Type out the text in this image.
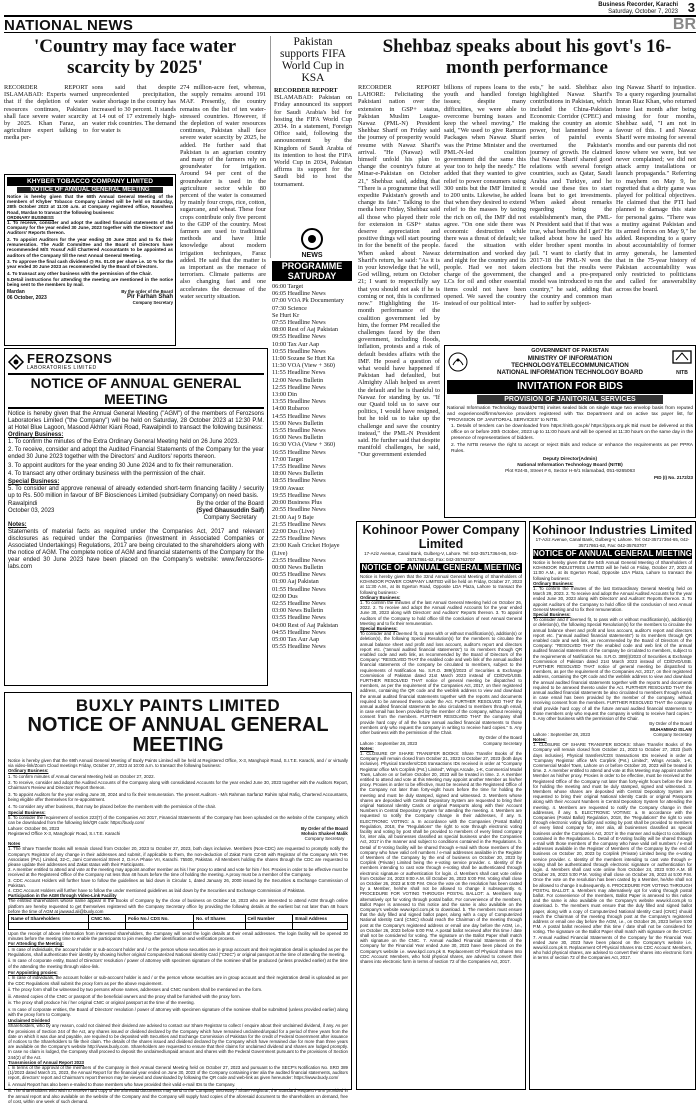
Business Recorder, Karachi
Saturday, October 7, 2023 3
NATIONAL NEWS	BR
'Country may face water scarcity by 2025'
RECORDER REPORT ISLAMABAD: Experts warned that if the depletion of water resources continues, Pakistan shall face severe water scarcity by 2025. Khan Faraz, an agriculture expert talking to media per-
sons said that despite unprecedented precipitation, water shortage in the country has increased to 30 percent. It stands at 14 out of 17 extremely high-water risk countries. The demand for water is
274 million-acre feet, whereas, the supply remains around 191 MAF. Presently, the country remains on the list of ten water-stressed countries. However, if the depletion of water resources continues, Pakistan shall face severe water scarcity by 2025, he added. He further said that Pakistan is an agrarian country and many of the farmers rely on groundwater for irrigation. Around 94 per cent of the groundwater is used in the agriculture sector while 80 percent of the water is consumed by mainly four crops, rice, cotton, sugarcane, and wheat. These four crops contribute only five percent to the GDP of the country. Most farmers are used to traditional methods and have little knowledge about modern irrigation techniques, Faraz added. He said that the matter is as important as the menace of terrorism. Climate patterns are also changing fast and one accelerates the decrease of the water security situation.
Pakistan supports FIFA World Cup in KSA
RECORDER REPORT
ISLAMABAD: Pakistan on Friday announced its support for Saudi Arabia's bid for hosting the FIFA World Cup 2034. In a statement, Foreign Office said, following the announcement by the Kingdom of Saudi Arabia of its intention to host the FIFA World Cup in 2034, Pakistan affirms its support for the Saudi bid to host the tournament.
NEWS
PROGRAMME SATURDAY
06:00 Target
06:05 Headline News
07:00 VOA Pk Documentary
07:30 Science
Se Hurt Kr
07:55 Headline News
08:00 Rest of Aaj Pakistan
09:55 Headline News
10:00 Tax Aur Aap
10:55 Headline News
11:00 Sozane Se Hurt Ka
11:30 VOA (View + 360)
11:55 Headline News
12:00 News Bulletin
12:55 Headline News
13:00 Din
13:55 Headline News
14:00 Rubaroo
14:55 Headline News
15:00 News Bulletin
15:55 Headline News
16:00 News Bulletin
16:30 VOA (View + 360)
16:55 Headline News
17:00 Target
17:55 Headline News
18:00 News Bulletin
18:55 Headline News
19:00 Awaaz
19:55 Headline News
20:00 Business Plus
20:55 Headline News
21:00 Aaj 9 Baje
21:55 Headline News
22:00 Dus (Live)
22:55 Headline News
23:00 Kash Cricket Hojaye (Live)
23:55 Headline News
00:00 News Bulletin
00:55 Headline News
01:00 Aaj Pakistan
01:55 Headline News
02:00 Dus
02:55 Headline News
03:00 News Bulletin
03:55 Headline News
04:00 Rest of Aaj Pakistan
04:55 Headline News
05:00 Tax Aur Aap
05:55 Headline News
Shehbaz speaks about his govt's 16-month performance
RECORDER REPORT LAHORE: Felicitating the Pakistani nation over the extension in GSP+ status, Pakistan Muslim League-Nawaz (PML-N) President Shehbaz Sharif on Friday said the journey of prosperity would resume with Nawaz Sharif's arrival. "He (Nawaz) will himself unfold his plan to change the country's future at Minar-e-Pakistan on October 21," Shehbaz said, adding that "There is a programme that will expedite Pakistan's growth and change its fate." Talking to the media here Friday, Shehbaz said all those who played their role for extension in GSP+ status deserve appreciation and positive things will start pouring in for the benefit of the people. When asked about Nawaz Sharif's return, he said: "As it is in your knowledge that he will, God willing, return on October 21; I want to respectfully say that you should not ask if he is coming or not, this is confirmed now." Highlighting the 16-month performance of the coalition government led by him, the former PM recalled the challenges faced by the then government, including floods, inflation, protests and a risk of default besides affairs with the IMF. He posed a question of what would have happened if Pakistan had defaulted, but Almighty Allah helped us avert the default and he is thankful to Nawaz for standing by us. "If our Quaid told us to save our politics, I would have resigned, but he told us to take up the challenge and save the country instead," the PML-N President said. He further said that despite manifold challenges, he said, "Our government extended
billions of rupees loans to the youth and handled foreign issues; despite many difficulties, we were able to overcome burning issues and keep the wheel moving." He said, "We used to give Ramzan Packages when Nawaz Sharif was the Prime Minister and the PML-N-led coalition government did the same this year too to help the needy." He added that they wanted to give relief to power consumers using 300 units but the IMF limited it to 200 units. Likewise, he added that when they desired to extend relief to the masses by taxing the rich on oil, the IMF did not agree. "On one side there was economic destruction while there was a threat of default; we faced the situation with determination and worked day and night for the country and its people. Had we not taken charge of the government, the LCs for oil and other essential items could not have been opened. We saved the country instead of our political inter-
ests," he said. Shehbaz also highlighted Nawaz Sharif's contributions in Pakistan, which included the China-Pakistan Economic Corridor (CPEC) and making the country an atomic power, but lamented how a series of painful events overturned the Pakistan's journey of growth. He claimed that Nawaz Sharif shared good relations with several foreign countries, such as Qatar, Saudi Arabia and Turkiye, and he would use these ties to start loans but to get investments. When asked about remarks regarding being the establishment's man, the PML-N President said that if that was true, what benefits did I get? He talked about how he used his elder brother spent months in jail. "I want to clarify that in 2017-18 the PML-N won the elections but the results were changed and a pre-prepared model was introduced to run the country," he said, adding that the country and common man had to suffer by subject-
ing Nawaz Sharif to injustice. To a query regarding journalist Imran Riaz Khan, who returned home last month after being missing for four months, Shehbaz said, "I am not in favour of this. I and Nawaz Sharif were missing for several months and our parents did not know where we were, but we never complained; we did not attack army installations or launch propaganda." Referring to mayhem on May 9, he regretted that a dirty game was played for political objectives. He claimed that the PTI had planned to damage this state for personal gains. "There was a mutiny against Pakistan and its armed forces on May 9," he added. Responding to a query about accountability of former army generals, he lamented that in the 75-year history of Pakistan accountability was only restricted to politicians and called for answerability across the board.
KHYBER TOBACCO COMPANY LIMITED
NOTICE OF ANNUAL GENERAL MEETING
Notice is hereby given that the 68th Annual General Meeting of the members of Khyber Tobacco Company Limited will be held on Saturday, 28th October 2023 at 11:00 a.m. at Company registered office, Nowshera Road, Mardan to transact the following business:
ORDINARY BUSINESS

1. To receive, consider and adopt the audited financial statements of the Company for the year ended 30 June, 2023 together with the Directors' and Auditors' Reports thereon.

2. To appoint Auditors for the year ending 30 June 2024 and to fix their remuneration. The Audit Committee and the Board of Directors have recommended M/S Yousuf Adil Chartered Accountants to be appointed as auditors of the Company till the next Annual General Meeting.

3. To approve the final cash dividend @ Rs. 01.00 per share i.e. 10 % for the year ended 30 June 2023 as recommended by the Board of Directors.

4. To transact any other business with the permission of the Chair.

5.Detail instructions for attending the meeting are mentioned in the notice being sent to the members by mail.

Mardan
06 October, 2023
By the order of the Board
Pir Farhan Shah
Company Secretary
FEROZSONS
LABORATORIES LIMITED
NOTICE OF ANNUAL GENERAL MEETING
Notice is hereby given that the Annual General Meeting ("AGM") of the members of Ferozsons Laboratories Limited ("the Company") will be held on Saturday, 28 October 2023 at 12:30 P.M. at Hotel Blue Lagoon, Masood Akhter Kiani Road, Rawalpindi to transact the following business:
Ordinary Business:

1. To confirm the minutes of the Extra Ordinary General Meeting held on 26 June 2023.

2. To receive, consider and adopt the Audited Financial Statements of the Company for the year ended 30 June 2023 together with the Directors' and Auditors' reports thereon.

3. To appoint auditors for the year ending 30 June 2024 and to fix their remuneration.

4. To transact any other ordinary business with the permission of the chair.

Special Business:

5. To consider and approve renewal of already extended short-term financing facility / security up to Rs. 500 million in favour of BF Biosciences Limited (subsidiary Company) on need basis.

Rawalpindi
October 03, 2023
By the order of the Board
(Syed Ghausuddin Saif)
Company Secretary
Notes:
Statements of material facts as required under the Companies Act, 2017 and relevant disclosures as required under the Companies (Investment in Associated Companies or Associated Undertakings) Regulations, 2017 are being circulated to the shareholders along with the notice of AGM. The complete notice of AGM and financial statements of the Company for the year ended 30 June 2023 have been placed on the Company's website: www.ferozsons-labs.com
BUXLY PAINTS LIMITED
NOTICE OF ANNUAL GENERAL MEETING
Notice is hereby given that the 69th Annual General Meeting of Buxly Paints Limited will be held at Registered Office, X-3, Manghopir Road, S.I.T.E. Karachi, and / or virtually via video-link/Zoom Cloud meetings Friday, October 27, 2023 at 10:00 a.m. to transact the following business:
Ordinary Business:

1. To confirm minutes of Annual General Meeting held on October 27, 2022.

2. To receive, consider and adopt the Audited Accounts of the Company along with consolidated Accounts for the year ended June 30, 2023 together with the Auditors Report, Chairman's Review and Directors' Report thereon.

3. To appoint Auditors for the year ending June 30, 2024 and to fix their remuneration. The present Auditors - M/s Rahman Sarfaraz Rahim Iqbal Rafiq, Chartered Accountants, being eligible offer themselves for re-appointment.

4. To consider any other business, that may be placed before the members with the permission of the chair.

Special Business:
5. To consider the requirement of section 223(7) of the Companies Act 2017, Financial Statements of the Company has been uploaded on the website of the Company, which can be downloaded from the following link/QR code: https://buxly.com/
Lahore: October 06, 2023
Registered Office X-3, Manghopir Road, S.I.T.E. Karachi
By Order of the Board
Mohsin Shakeel Malik
Company Secretary
Notes
1. The Share Transfer Books will remain closed from October 20, 2023 to October 27, 2023, both days inclusive. Members (Non-CDC) are requested to promptly notify the Company's Registrar of any change in their addresses and submit, if applicable to them, the non-deduction of Zakat Form CZ-50 with Registrar of the Company M/s THK Associates (Pvt.) Limited, 32-C, Jami Commercial Street 2, D.H.A Phase VII, Karachi. 75500, Pakistan. All Members holding the shares through the CDC are requested to please update their addresses and Zakat status with their Participants.
2. A member entitled to attend and vote at the meeting may appoint another member as his / her proxy to attend and vote for him / her. Proxies in order to be effective must be received at the Registered Office of the Company not less than 48 hours before the time of holding the meeting. A proxy must be a member of the Company.
3. CDC Account Holders will further have to follow the guidelines as laid down in Circular 1, dated January 26, 2000 issued by the Securities & Exchange Commission of Pakistan.
4. CDC Account Holders will further have to follow the under mentioned guidelines as laid down by the Securities and Exchange Commission of Pakistan.
Participation in the AGM through Video-Link Facility
The entitled shareholders whose name appear in the Books of Company by the close of business on October 19, 2023 who are interested to attend AGM through online platform are hereby requested to get themselves registered with the Company Secretary office by providing the following details at the earliest but not later than 48 hours before the time of AGM at jawwad.ali@buxly.com
Name of Shareholders	CNIC No.	Folio No./ CDS No.	No. of Shares	Cell Number	Email Address

Upon the receipt of above information from interested shareholders, the Company will send the login details at their email addresses. The login facility will be opened 30 minutes before the meeting time to enable the participants to join meeting after identification and verification process.
For Attending the Meeting:

i. In case of individuals, the account holder or sub-account holder and / or the person whose securities are in group account and their registration detail is uploaded as per the Regulations, shall authenticate their identity by showing his/her original Computerized National Identity Card ("CNIC") or original passport at the time of attending the meeting.

ii. In case of corporate entity, Board of Directors' resolution / power of attorney with specimen signature of the nominee shall be produced (unless provided earlier) at the time of the attending the meeting through video-link.

For Appointing proxies:

i. In case of individuals, the account holder or sub-account holder is and / or the person whose securities are in group account and their registration detail is uploaded as per the CDC Regulations shall submit the proxy form as per the above requirement.

ii. The proxy form shall be witnessed by two persons whose names, addresses and CNIC numbers shall be mentioned on the form.

iii. Attested copies of the CNIC or passport of the beneficial owners and the proxy shall be furnished with the proxy form.

iv. The proxy shall produce his / her original CNIC or original passport at the time of the meeting.

v. In case of corporate entities, the Board of Directors' resolution / power of attorney with specimen signature of the nominee shall be submitted (unless provided earlier) along with the proxy form to Company.

Unclaimed Dividend
Shareholders, who by any reason, could not claimed their dividend are advised to contact our Share Registrar to collect / enquire about their unclaimed dividend, if any. As per the provisions of Section 244 of the Act, any shares issued or dividend declared by the Company which have remained unclaimed/unpaid for a period of three years from the date on which it was due and payable, are required to be deposited with Securities and Exchange Commission of Pakistan for the credit of Federal Government after issuance of notices to the Shareholders to file their claim. The details of the shares issued and dividend declared by the Company which have remained due for more than three years are available on the Company's website http://www.buxly.com. Shareholders are requested to ensure that their claims for unclaimed dividend and shares are lodged promptly. In case no claim is lodged, the Company shall proceed to deposit the unclaimed/unpaid amount and shares with the Federal Government pursuant to the provisions of Section 244(2) of the Act.
Transmission of Annual Report 2023

i. In terms of the approval of the members of the Company in their Annual General Meeting held on October 27, 2023 and pursuant to the SECP's Notification No. SRO 389 (1)/2023 dated March 21, 2023, the Annual Report for the financial year ended on June 30, 2023 of the Company containing inter alia the audited financial statements, auditors report, directors' report and Chairman's report thereon may be viewed and downloaded by following the QR code and web-link as given hereunder: https://www.buxly.com/

ii. Annual Report has also been e-mailed to those members who have provided their valid e-mail IDs to the Company.

iii. The shareholders who wish to receive hard copy of the aforesaid documents may send to the Company Secretary / Share Registrar, the Standard Request Form provided in the annual report and also available on the website of the Company and the Company will supply hard copies of the aforesaid document to the shareholders on demand, free of cost, within one week of such demand.

GOVERNMENT OF PAKISTAN
MINISTRY OF INFORMATION TECHNOLOGY&TELECOMMUNICATION
NATIONAL INFORMATION TECHNOLOGY BOARD	NITB
INVITATION FOR BIDS
PROVISION OF JANITORIAL SERVICES
National Information Technology Board(NITB) invites sealed bids on single stage two envelop basis from reputed and experienced/firms/service providers registered with Tax Department and on active tax payer list, for "PROVISION OF JANITORIAL SERVICES" to NITB.

1. Details of tenders can be downloaded from https://nitb.gov.pk/ https://ppra.org.pk Bid must be delivered at this office on or before 20th October, 2023 up to 11:00 hours and will be opened at 11:30 hours on the same day in the presence of representatives of bidders.

2. The NITB reserve the right to accept or reject Bids and reduce or enhance the requirements as per PPRA Rules.

Deputy Director(Admin)
National Information Technology Board (NITB)
Plot #24-B, Street # 6, Sector H-9/1 Islamabad, 051-9265063
PID (I) No. 2172/23
Kohinoor Power Company Limited
17-Aziz Avenue, Canal Bank, Gulberg-V, Lahore. Tel: 042-35717364-65, 042-35717861-62, Fax: 042-35763707
NOTICE OF ANNUAL GENERAL MEETING
Notice is hereby given that the 32nd Annual General Meeting of Shareholders of KOHINOOR POWER COMPANY LIMITED will be held on Friday, October 27, 2023 at 11:30 A.M., at its Egerton Road, Opposite LDA Plaza, Lahore to transact the following business:-
Ordinary Business:
1. To confirm the minutes of the last Annual General Meeting held on October 26, 2022. 2. To receive and adopt the Annual Audited Accounts for the year ended June 30, 2023 along with Directors' and Auditors' Reports thereon. 3. To appoint Auditors of the Company to hold office till the conclusion of next Annual General Meeting and to fix their remuneration.
Special Business:
To consider and if deemed fit, to pass with or without modification(s), addition(s) or deletion(s), the following Special Resolution(s) for the members to circulate the annual balance sheet and profit and loss account, auditor's report and directors report etc. ("annual audited financial statements") to its members through QR enabled code and web link, as recommended by the Board of Directors of the Company: "RESOLVED THAT the enabled code and web link of the annual audited financial statements of the company be circulated to members, subject to the requirements of Notification No. S.R.O. 389(I)/2023 of Securities & Exchange Commission of Pakistan dated 21st March 2023 instead of CD/DVD/USB. FURTHER RESOLVED THAT notice of general meeting be dispatched to members, as per the requirement of the Companies Act, 2017, on their registered address, containing the QR code and the weblink address to view and download the annual audited financial statements together with the reports and documents required to be annexed thereto under the Act. FURTHER RESOLVED THAT the annual audited financial statements be also circulated to members through email, in case email has been provided by the member of the company, without receiving consent from the members. FURTHER RESOLVED THAT the company shall provide hard copy of all the future annual audited financial statements to those members only who request the company in writing to receive hard copies." 5. Any other business with the permission of the Chair.
By Order of the Board
Lahore : September 28, 2023	Company Secretary
Notes:
1. CLOSURE OF SHARE TRANSFER BOOKS: Share Transfer Books of the Company will remain closed from October 21, 2023 to October 27, 2023 (both days inclusive). Physical transfers/CDS transactions IDs received in order at "Company Registrar office M/s Corplink (Pvt.) Limited", Wings Arcade, 1-K, Commercial Model Town, Lahore on or before October 20, 2023 will be treated in time. 2. A member entitled to attend and vote at this Meeting may appoint another Member as his/her proxy. Proxies in order to be effective, must be received at the Registered Office of the Company not later than forty-eight hours before the time for holding the meeting and must be duly stamped, signed and witnessed. 3. Members whose shares are deposited with Central Depository System are requested to bring their original National Identity Cards or original Passports along with their Account Numbers in Central Depository System for attending the meeting. 4. Members are requested to notify the Company change in their addresses, if any. 5. ELECTRONIC VOTING: a. In accordance with the Companies (Postal Ballot) Regulation, 2018, the "Regulations" the right to vote through electronic voting facility and voting by post shall be provided to members of every listed company for, inter alia, all businesses classified as special business under the Companies Act, 2017 in the manner and subject to conditions contained in the Regulations. b. Detail of E-Voting facility will be shared through e-mail with those members of the company who have valid cell numbers / e-mail addresses available in the Register of Members of the Company by the end of business on October 20, 2023 by Corplink (Private) Limited being the e-voting service provider. c. Identity of the members intending to cast vote through e-voting shall be authenticated through electronic signature or authentication for login. d. Members shall cast vote online from October 24, 2023 9:00 A.M. till October 26, 2023 5:00 P.M. Voting shall close on October 26, 2023 at 5:00 P.M. Once the vote on the resolution has been casted by a Member, he/she shall not be allowed to change it subsequently. 6. PROCEDURE FOR VOTING THROUGH POSTAL BALLOT: a. Members may alternatively opt for voting through postal ballot. For convenience of the members, Ballot Paper is annexed to this notice and the same is also available on the Company's website www.kpcl.com.pk to download. b. The members must ensure that the duly filled and signed ballot paper, along with a copy of Computerized National Identity Card (CNIC) should reach the Chairman of the meeting through post at the Company's registered address or email one day before the AGM, i.e., on October 26, 2023 before 5:00 P.M. A postal ballot received after this time / date shall not be considered for voting. The signature on the Ballot Paper shall match with signature on the CNIC. 7. Annual Audited Financial Statements of the Company for the Financial Year ended June 30, 2023 have been placed on the Company's website i.e. www.kpcl.com.pk 8. Replacement Of Physical Shares Into CDC Account: Members, who hold physical shares, are advised to convert their shares into electronic form in terms of section 72 of the Companies Act, 2017.
Kohinoor Industries Limited
17-Aziz Avenue, Canal Bank, Gulberg-V, Lahore. Tel: 042-35717364-65, 042-35717861-62, Fax: 042-35763707
NOTICE OF ANNUAL GENERAL MEETING
Notice is hereby given that the 54th Annual General Meeting of Shareholders of KOHINOOR INDUSTRIES LIMITED will be held on Friday, October 27, 2023 at 11:00 A.M., at its Egerton Road, Opposite LDA Plaza, Lahore to transact the following business:
Ordinary Business:
1. To confirm the minutes of the last Extraordinary General Meeting held on March 29, 2023. 2. To receive and adopt the Annual Audited Accounts for the year ended June 30, 2023 along with Directors' and Auditors' Reports thereon. 3. To appoint Auditors of the Company to hold office till the conclusion of next Annual General Meeting and to fix their remuneration.
Special Business:
To consider and if deemed fit, to pass with or without modification(s), addition(s) or deletion(s), the following Special Resolution(s) for the members to circulate the annual balance sheet and profit and loss account, auditor's report and directors report etc. ("annual audited financial statements") to its members through QR enabled code and web link, as recommended by the Board of Directors of the Company: "RESOLVED THAT the enabled code and web link of the annual audited financial statements of the company be circulated to members, subject to the requirements of Notification No. S.R.O. 389(I)/2023 of Securities & Exchange Commission of Pakistan dated 21st March 2023 instead of CD/DVD/USB. FURTHER RESOLVED THAT notice of general meeting be dispatched to members, as per the requirement of the Companies Act, 2017, on their registered address, containing the QR code and the weblink address to view and download the annual audited financial statements together with the reports and documents required to be annexed thereto under the Act. FURTHER RESOLVED THAT the annual audited financial statements be also circulated to members through email, in case email has been provided by the member of the company, without receiving consent from the members. FURTHER RESOLVED THAT the company shall provide hard copy of all the future annual audited financial statements to those members only who request the company in writing to receive hard copies." 5. Any other business with the permission of the Chair.
By Order of the Board
MUHAMMAD ISLAM
Lahore : September 28, 2023	Company Secretary
Notes:
1. CLOSURE OF SHARE TRANSFER BOOKS: Share Transfer Books of the Company will remain closed from October 21, 2023 to October 27, 2023 (both days inclusive). Physical transfers/CDS transactions IDs received in order at "Company Registrar office M/s Corplink (Pvt.) Limited", Wings Arcade, 1-K, Commercial Model Town, Lahore on or before October 20, 2023 will be treated in time. 2. A member entitled to attend and vote at this Meeting may appoint another Member as his/her proxy. Proxies in order to be effective, must be received at the Registered Office of the Company not later than forty-eight hours before the time for holding the meeting and must be duly stamped, signed and witnessed. 3. Members whose shares are deposited with Central Depository System are requested to bring their original National Identity Cards or original Passports along with their Account Numbers in Central Depository System for attending the meeting. 4. Members are requested to notify the Company change in their addresses, if any. 5. ELECTRONIC VOTING: a. In accordance with the Companies (Postal Ballot) Regulation, 2018, the "Regulations" the right to vote through electronic voting facility and voting by post shall be provided to members of every listed company for, inter alia, all businesses classified as special business under the Companies Act, 2017 in the manner and subject to conditions contained in the Regulations. b. Detail of E-Voting facility will be shared through e-mail with those members of the company who have valid cell numbers / e-mail addresses available in the Register of Members of the Company by the end of business on October 20, 2023 by Corplink (Private) Limited being the e-voting service provider. c. Identity of the members intending to cast vote through e-voting shall be authenticated through electronic signature or authentication for login. d. Members shall cast vote online from October 24, 2023 9:00 A.M. till October 26, 2023 5:00 P.M. Voting shall close on October 26, 2023 at 5:00 P.M. Once the vote on the resolution has been casted by a Member, he/she shall not be allowed to change it subsequently. 6. PROCEDURE FOR VOTING THROUGH POSTAL BALLOT: a. Members may alternatively opt for voting through postal ballot. For convenience of the members, Ballot Paper is annexed to this notice and the same is also available on the Company's website www.kil.com.pk to download. b. The members must ensure that the duly filled and signed ballot paper, along with a copy of Computerized National Identity Card (CNIC) should reach the Chairman of the meeting through post at the Company's registered address or email one day before the AGM, i.e., on October 26, 2023 before 5:00 P.M. A postal ballot received after this time / date shall not be considered for voting. The signature on the Ballot Paper shall match with signature on the CNIC. 7. Annual Audited Financial Statements of the Company for the Financial Year ended June 30, 2023 have been placed on the Company's website i.e. www.kil.com.pk 8. Replacement Of Physical Shares Into CDC Account: Members, who hold physical shares, are advised to convert their shares into electronic form in terms of section 72 of the Companies Act, 2017.
